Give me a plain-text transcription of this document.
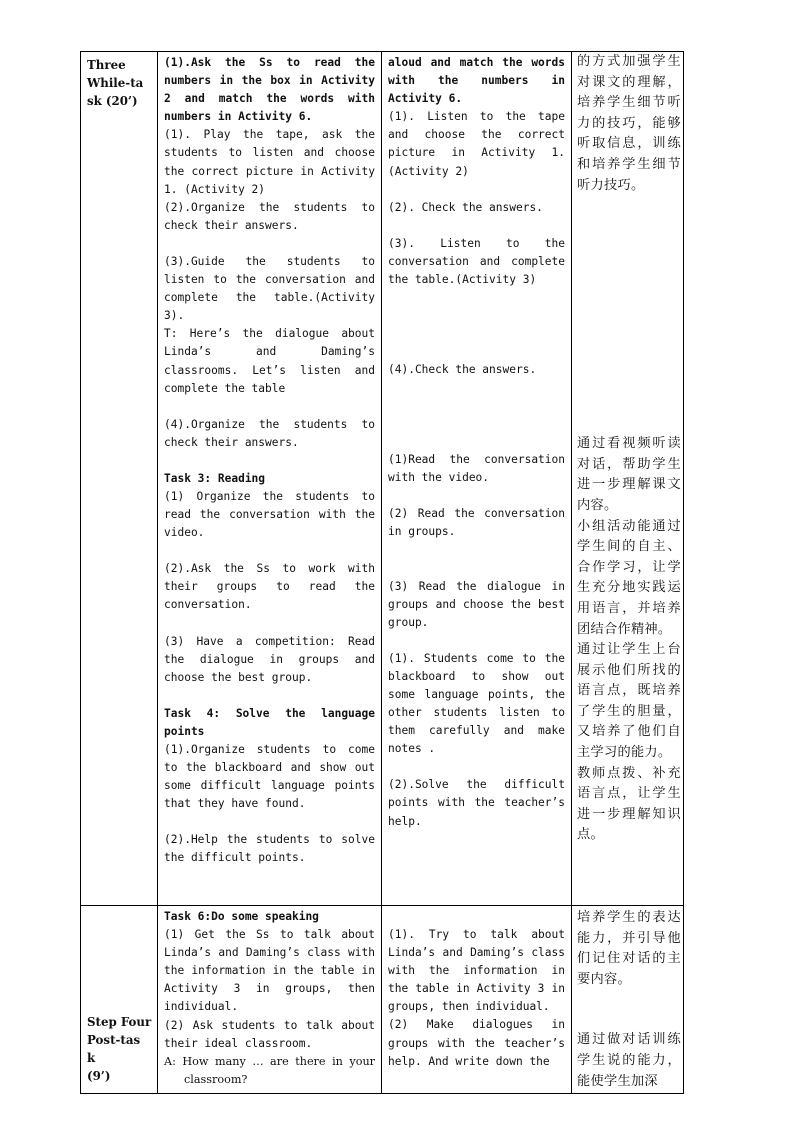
Three
While-ta
sk (20’)

(1).Ask the Ss to read the numbers in the box in Activity 2 and match the words with numbers in Activity 6.

(1). Play the tape, ask the students to listen and choose the correct picture in Activity 1. (Activity 2)

(2).Organize the students to check their answers.

(3).Guide the students to listen to the conversation and complete the table.(Activity 3).

T: Here’s the dialogue about Linda’s and Daming’s classrooms. Let’s listen and complete the table

(4).Organize the students to check their answers.

Task 3: Reading

(1) Organize the students to read the conversation with the video.

(2).Ask the Ss to work with their groups to read the conversation.

(3) Have a competition: Read the dialogue in groups and choose the best group.

Task 4: Solve the language points

(1).Organize students to come to the blackboard and show out some difficult language points that they have found.

(2).Help the students to solve the difficult points.

aloud and match the words with the numbers in Activity 6.

(1). Listen to the tape and choose the correct picture in Activity 1. (Activity 2)

(2). Check the answers.

(3). Listen to the conversation and complete the table.(Activity 3)

(4).Check the answers.

(1)Read the conversation with the video.

(2) Read the conversation in groups.

(3) Read the dialogue in groups and choose the best group.

(1). Students come to the blackboard to show out some language points, the other students listen to them carefully and make notes .

(2).Solve the difficult points with the teacher’s help.

的方式加强学生对课文的理解，培养学生细节听力的技巧，能够听取信息，训练和培养学生细节听力技巧。

通过看视频听读对话，帮助学生进一步理解课文内容。

小组活动能通过学生间的自主、合作学习，让学生充分地实践运用语言，并培养团结合作精神。

通过让学生上台展示他们所找的语言点，既培养了学生的胆量，又培养了他们自主学习的能力。

教师点拨、补充语言点，让学生进一步理解知识点。

Step Four
Post-tas
k
(9’)

Task 6:Do some speaking

(1) Get the Ss to talk about Linda’s and Daming’s class with the information in the table in Activity 3 in groups, then individual.

(2) Ask students to talk about their ideal classroom.

A: How many … are there in your classroom?

(1). Try to talk about Linda’s and Daming’s class with the information in the table in Activity 3 in groups, then individual.

(2) Make dialogues in groups with the teacher’s help. And write down the

培养学生的表达能力，并引导他们记住对话的主要内容。

通过做对话训练学生说的能力，能使学生加深
